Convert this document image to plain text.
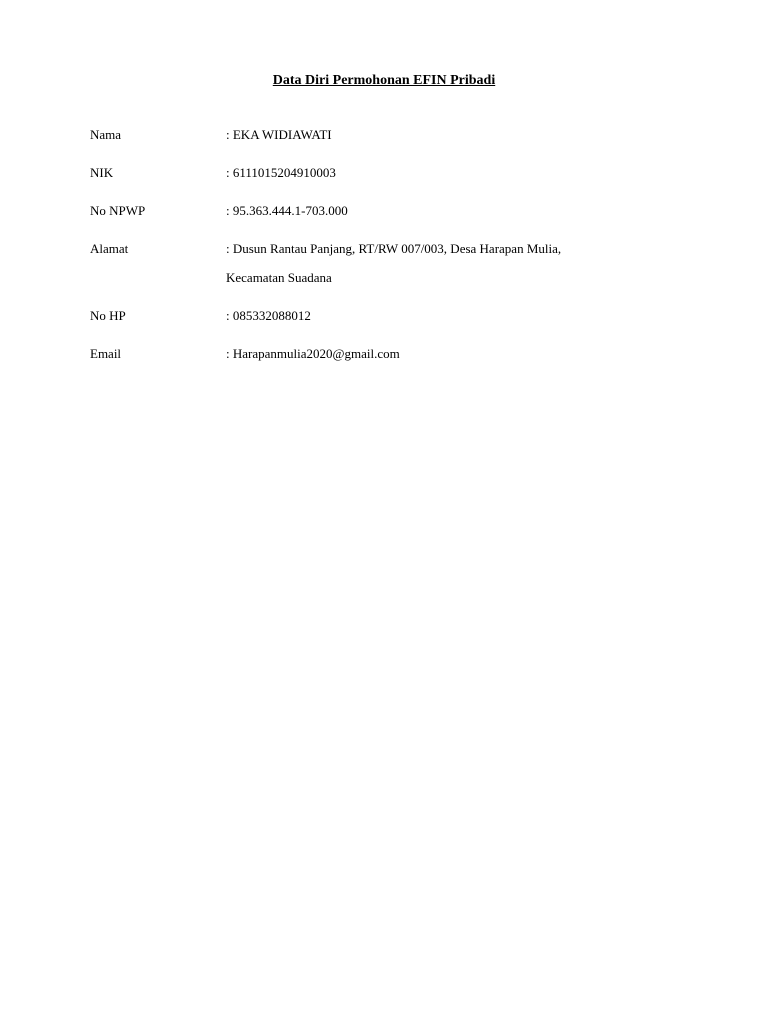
Data Diri Permohonan EFIN Pribadi
Nama	: EKA WIDIAWATI
NIK	: 6111015204910003
No NPWP	: 95.363.444.1-703.000
Alamat	: Dusun Rantau Panjang, RT/RW 007/003, Desa Harapan Mulia,
Kecamatan Suadana
No HP	: 085332088012
Email	: Harapanmulia2020@gmail.com
